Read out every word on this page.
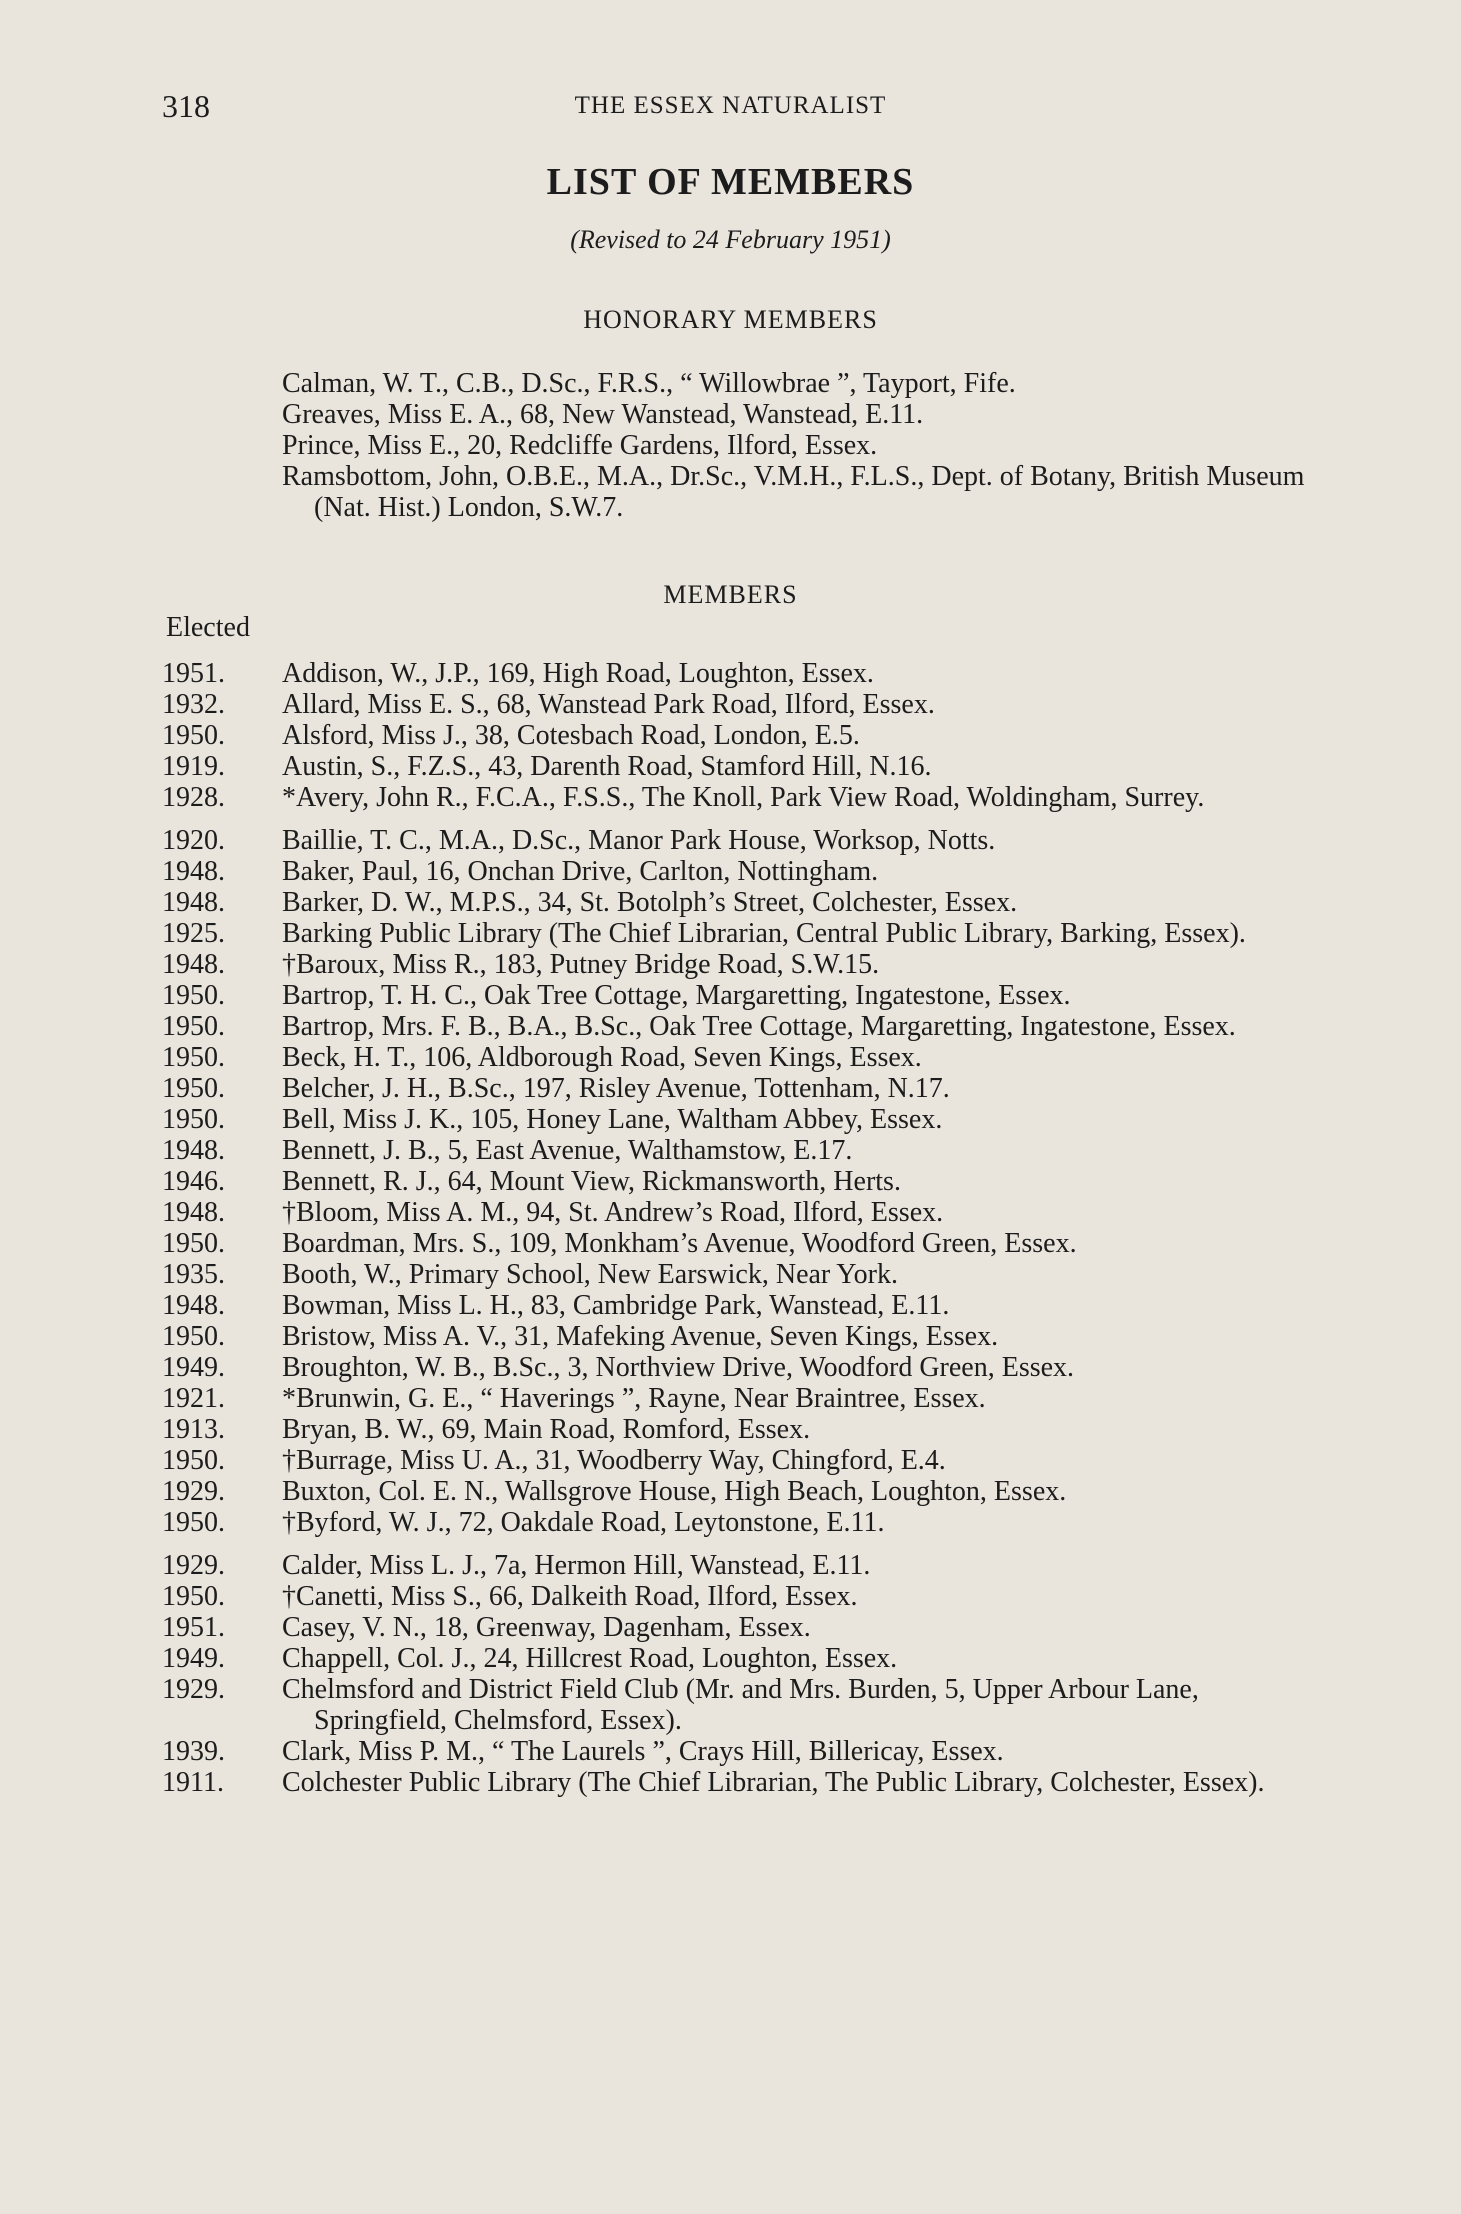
318	THE ESSEX NATURALIST
LIST OF MEMBERS
(Revised to 24 February 1951)
HONORARY MEMBERS
Calman, W. T., C.B., D.Sc., F.R.S., “ Willowbrae ”, Tayport, Fife.
Greaves, Miss E. A., 68, New Wanstead, Wanstead, E.11.
Prince, Miss E., 20, Redcliffe Gardens, Ilford, Essex.
Ramsbottom, John, O.B.E., M.A., Dr.Sc., V.M.H., F.L.S., Dept. of Botany, British Museum (Nat. Hist.) London, S.W.7.
MEMBERS
Elected
1951.	Addison, W., J.P., 169, High Road, Loughton, Essex.
1932.	Allard, Miss E. S., 68, Wanstead Park Road, Ilford, Essex.
1950.	Alsford, Miss J., 38, Cotesbach Road, London, E.5.
1919.	Austin, S., F.Z.S., 43, Darenth Road, Stamford Hill, N.16.
1928.	*Avery, John R., F.C.A., F.S.S., The Knoll, Park View Road, Woldingham, Surrey.
1920.	Baillie, T. C., M.A., D.Sc., Manor Park House, Worksop, Notts.
1948.	Baker, Paul, 16, Onchan Drive, Carlton, Nottingham.
1948.	Barker, D. W., M.P.S., 34, St. Botolph’s Street, Colchester, Essex.
1925.	Barking Public Library (The Chief Librarian, Central Public Library, Barking, Essex).
1948.	†Baroux, Miss R., 183, Putney Bridge Road, S.W.15.
1950.	Bartrop, T. H. C., Oak Tree Cottage, Margaretting, Ingatestone, Essex.
1950.	Bartrop, Mrs. F. B., B.A., B.Sc., Oak Tree Cottage, Margaretting, Ingatestone, Essex.
1950.	Beck, H. T., 106, Aldborough Road, Seven Kings, Essex.
1950.	Belcher, J. H., B.Sc., 197, Risley Avenue, Tottenham, N.17.
1950.	Bell, Miss J. K., 105, Honey Lane, Waltham Abbey, Essex.
1948.	Bennett, J. B., 5, East Avenue, Walthamstow, E.17.
1946.	Bennett, R. J., 64, Mount View, Rickmansworth, Herts.
1948.	†Bloom, Miss A. M., 94, St. Andrew’s Road, Ilford, Essex.
1950.	Boardman, Mrs. S., 109, Monkham’s Avenue, Woodford Green, Essex.
1935.	Booth, W., Primary School, New Earswick, Near York.
1948.	Bowman, Miss L. H., 83, Cambridge Park, Wanstead, E.11.
1950.	Bristow, Miss A. V., 31, Mafeking Avenue, Seven Kings, Essex.
1949.	Broughton, W. B., B.Sc., 3, Northview Drive, Woodford Green, Essex.
1921.	*Brunwin, G. E., “ Haverings ”, Rayne, Near Braintree, Essex.
1913.	Bryan, B. W., 69, Main Road, Romford, Essex.
1950.	†Burrage, Miss U. A., 31, Woodberry Way, Chingford, E.4.
1929.	Buxton, Col. E. N., Wallsgrove House, High Beach, Loughton, Essex.
1950.	†Byford, W. J., 72, Oakdale Road, Leytonstone, E.11.
1929.	Calder, Miss L. J., 7a, Hermon Hill, Wanstead, E.11.
1950.	†Canetti, Miss S., 66, Dalkeith Road, Ilford, Essex.
1951.	Casey, V. N., 18, Greenway, Dagenham, Essex.
1949.	Chappell, Col. J., 24, Hillcrest Road, Loughton, Essex.
1929.	Chelmsford and District Field Club (Mr. and Mrs. Burden, 5, Upper Arbour Lane, Springfield, Chelmsford, Essex).
1939.	Clark, Miss P. M., “ The Laurels ”, Crays Hill, Billericay, Essex.
1911.	Colchester Public Library (The Chief Librarian, The Public Library, Colchester, Essex).
